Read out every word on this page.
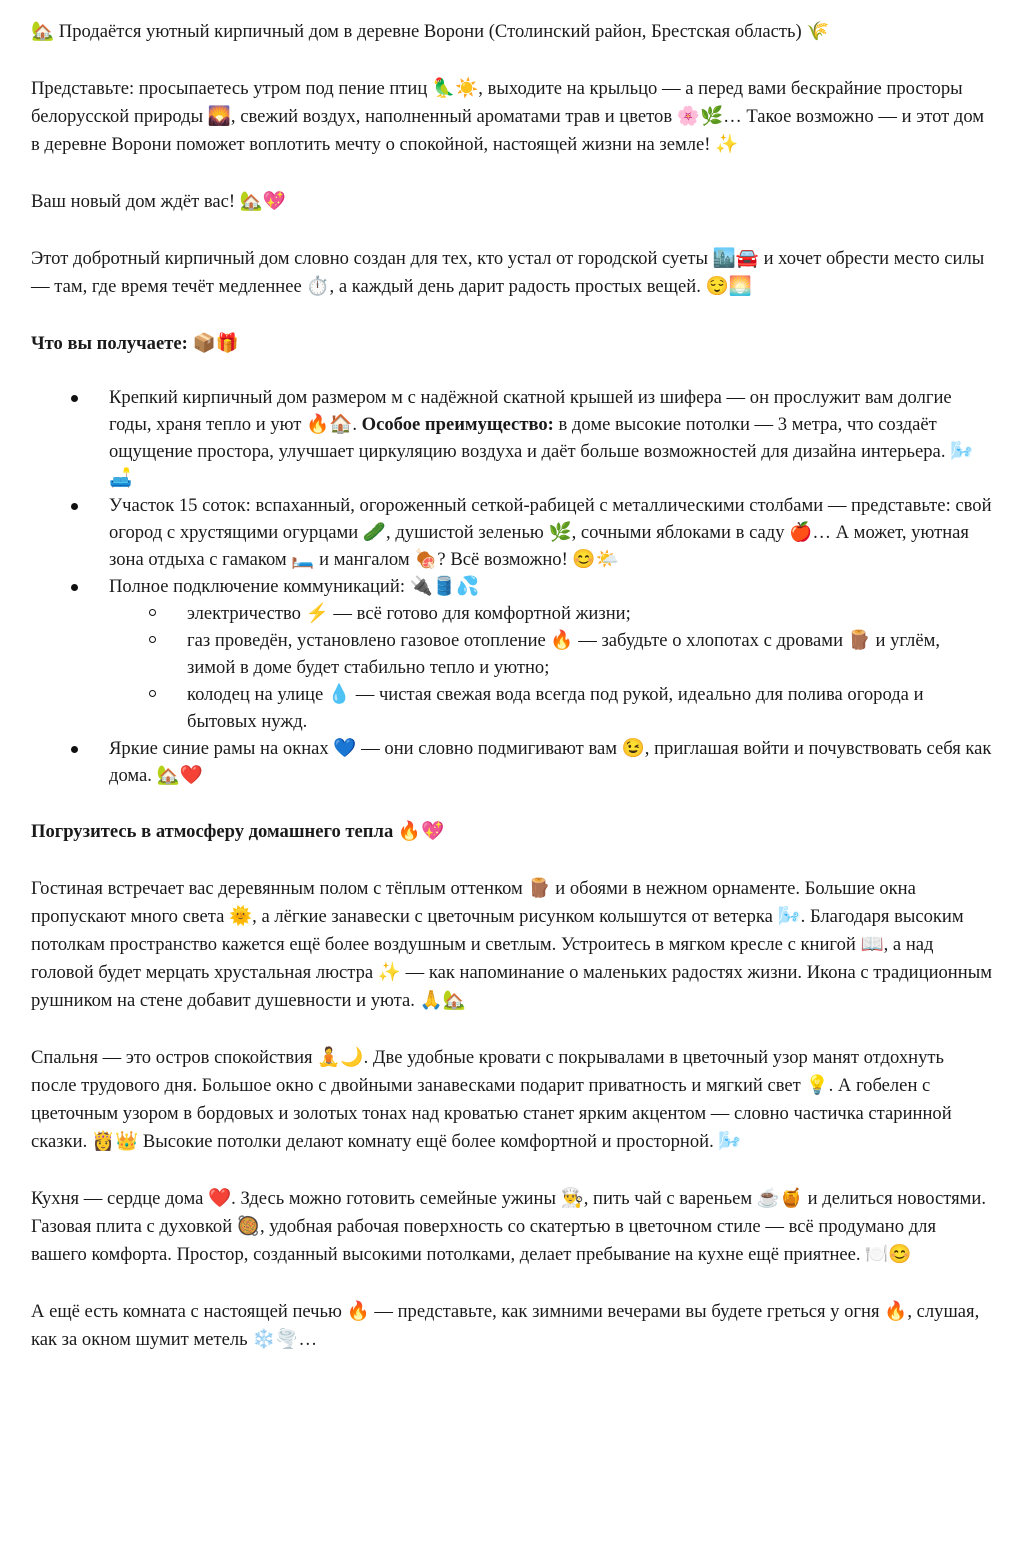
🏡 Продаётся уютный кирпичный дом в деревне Ворони (Столинский район, Брестская область) 🌾

Представьте: просыпаетесь утром под пение птиц 🦜☀️, выходите на крыльцо — а перед вами бескрайние просторы белорусской природы 🌄, свежий воздух, наполненный ароматами трав и цветов 🌸🌿… Такое возможно — и этот дом в деревне Ворони поможет воплотить мечту о спокойной, настоящей жизни на земле! ✨

Ваш новый дом ждёт вас! 🏡💖

Этот добротный кирпичный дом словно создан для тех, кто устал от городской суеты 🏙️🚘 и хочет обрести место силы — там, где время течёт медленнее ⏱️, а каждый день дарит радость простых вещей. 😌🌅

Что вы получаете: 📦🎁

Крепкий кирпичный дом размером м с надёжной скатной крышей из шифера — он прослужит вам долгие годы, храня тепло и уют 🔥🏠. Особое преимущество: в доме высокие потолки — 3 метра, что создаёт ощущение простора, улучшает циркуляцию воздуха и даёт больше возможностей для дизайна интерьера. 🌬️🛋️
Участок 15 соток: вспаханный, огороженный сеткой-рабицей с металлическими столбами — представьте: свой огород с хрустящими огурцами 🥒, душистой зеленью 🌿, сочными яблоками в саду 🍎… А может, уютная зона отдыха с гамаком 🛏️ и мангалом 🍖? Всё возможно! 😊🌤️
Полное подключение коммуникаций: 🔌🛢️💦
электричество ⚡ — всё готово для комфортной жизни;
газ проведён, установлено газовое отопление 🔥 — забудьте о хлопотах с дровами 🪵 и углём, зимой в доме будет стабильно тепло и уютно;
колодец на улице 💧 — чистая свежая вода всегда под рукой, идеально для полива огорода и бытовых нужд.
Яркие синие рамы на окнах 💙 — они словно подмигивают вам 😉, приглашая войти и почувствовать себя как дома. 🏡❤️

Погрузитесь в атмосферу домашнего тепла 🔥💖

Гостиная встречает вас деревянным полом с тёплым оттенком 🪵 и обоями в нежном орнаменте. Большие окна пропускают много света 🌞, а лёгкие занавески с цветочным рисунком колышутся от ветерка 🌬️. Благодаря высоким потолкам пространство кажется ещё более воздушным и светлым. Устроитесь в мягком кресле с книгой 📖, а над головой будет мерцать хрустальная люстра ✨ — как напоминание о маленьких радостях жизни. Икона с традиционным рушником на стене добавит душевности и уюта. 🙏🏡

Спальня — это остров спокойствия 🧘🌙. Две удобные кровати с покрывалами в цветочный узор манят отдохнуть после трудового дня. Большое окно с двойными занавесками подарит приватность и мягкий свет 💡. А гобелен с цветочным узором в бордовых и золотых тонах над кроватью станет ярким акцентом — словно частичка старинной сказки. 👸👑 Высокие потолки делают комнату ещё более комфортной и просторной. 🌬️

Кухня — сердце дома ❤️. Здесь можно готовить семейные ужины 👨‍🍳, пить чай с вареньем ☕🍯 и делиться новостями. Газовая плита с духовкой 🥘, удобная рабочая поверхность со скатертью в цветочном стиле — всё продумано для вашего комфорта. Простор, созданный высокими потолками, делает пребывание на кухне ещё приятнее. 🍽️😊

А ещё есть комната с настоящей печью 🔥 — представьте, как зимними вечерами вы будете греться у огня 🔥, слушая, как за окном шумит метель ❄️🌪️…
